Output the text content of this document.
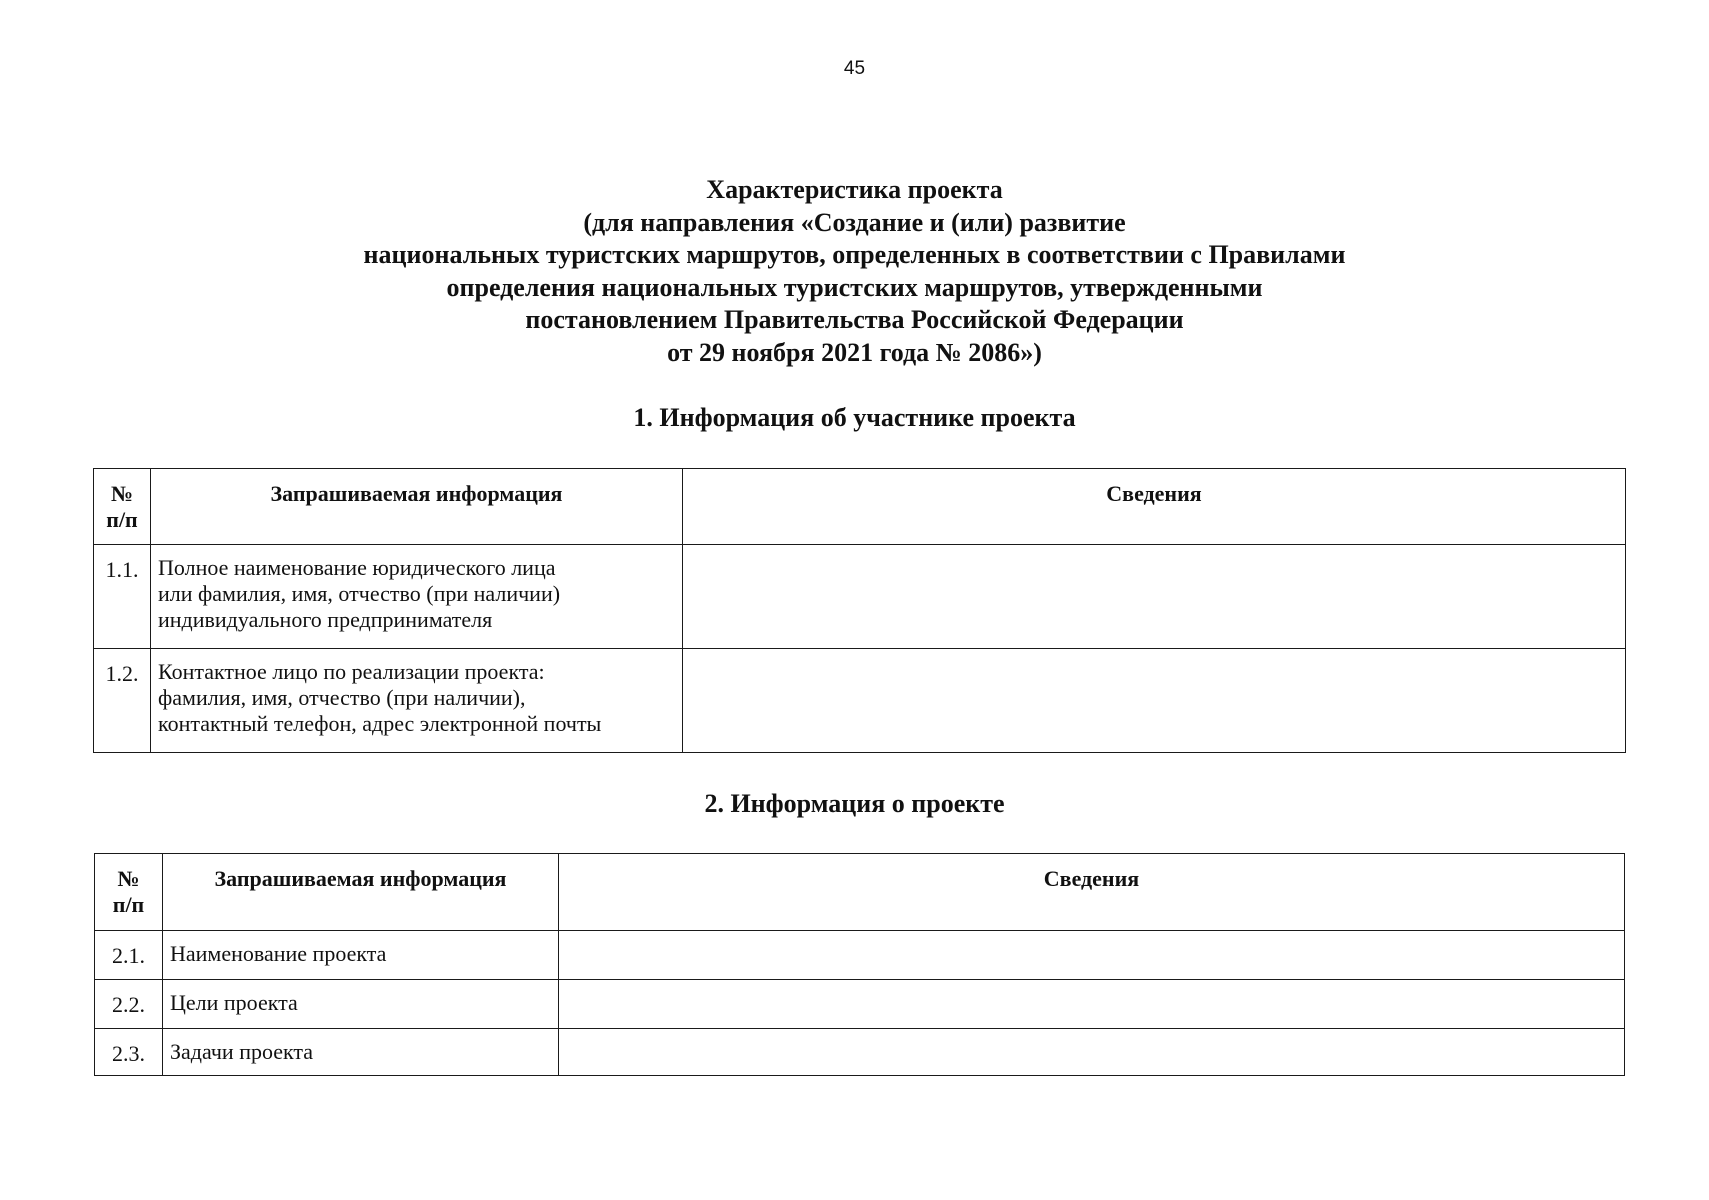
45
Характеристика проекта
(для направления «Создание и (или) развитие
национальных туристских маршрутов, определенных в соответствии с Правилами
определения национальных туристских маршрутов, утвержденными
постановлением Правительства Российской Федерации
от 29 ноября 2021 года № 2086»)
1. Информация об участнике проекта
№
п/п	Запрашиваемая информация	Сведения
1.1.	Полное наименование юридического лица
или фамилия, имя, отчество (при наличии)
индивидуального предпринимателя	

1.2.	Контактное лицо по реализации проекта:
фамилия, имя, отчество (при наличии),
контактный телефон, адрес электронной почты	

2. Информация о проекте
№
п/п	Запрашиваемая информация	Сведения
2.1.	Наименование проекта	
2.2.	Цели проекта	
2.3.	Задачи проекта	
